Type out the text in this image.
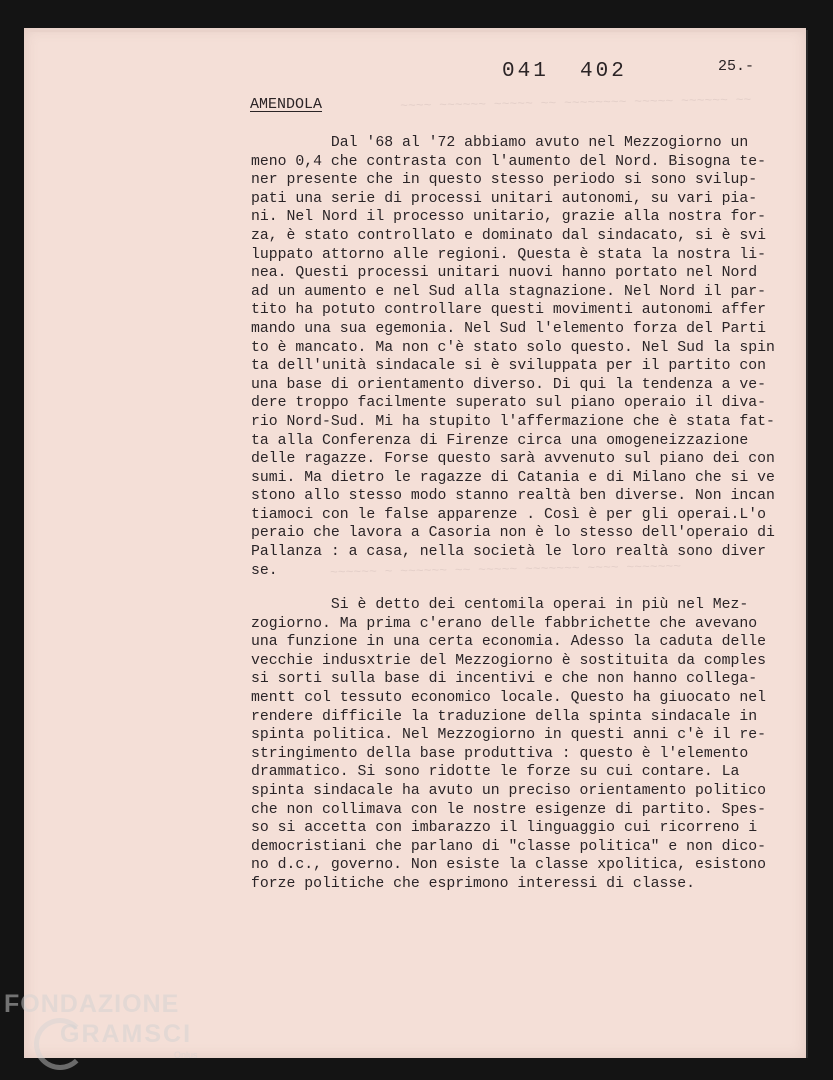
~~~~ ~~~~~~ ~~~~~ ~~ ~~~~~~~~ ~~~~~ ~~~~~~ ~~
~~~~~~ ~ ~~~~~~ ~~ ~~~~~ ~~~~~~~ ~~~~ ~~~~~~~
041  402	25.-
AMENDOLA
Dal '68 al '72 abbiamo avuto nel Mezzogiorno un
meno 0,4 che contrasta con l'aumento del Nord. Bisogna te-
ner presente che in questo stesso periodo si sono svilup-
pati una serie di processi unitari autonomi, su vari pia-
ni. Nel Nord il processo unitario, grazie alla nostra for-
za, è stato controllato e dominato dal sindacato, si è svi
luppato attorno alle regioni. Questa è stata la nostra li-
nea. Questi processi unitari nuovi hanno portato nel Nord
ad un aumento e nel Sud alla stagnazione. Nel Nord il par-
tito ha potuto controllare questi movimenti autonomi affer
mando una sua egemonia. Nel Sud l'elemento forza del Parti
to è mancato. Ma non c'è stato solo questo. Nel Sud la spin
ta dell'unità sindacale si è sviluppata per il partito con
una base di orientamento diverso. Di qui la tendenza a ve-
dere troppo facilmente superato sul piano operaio il diva-
rio Nord-Sud. Mi ha stupito l'affermazione che è stata fat-
ta alla Conferenza di Firenze circa una omogeneizzazione
delle ragazze. Forse questo sarà avvenuto sul piano dei con
sumi. Ma dietro le ragazze di Catania e di Milano che si ve
stono allo stesso modo stanno realtà ben diverse. Non incan
tiamoci con le false apparenze . Così è per gli operai.L'o
peraio che lavora a Casoria non è lo stesso dell'operaio di
Pallanza : a casa, nella società le loro realtà sono diver
se.
Si è detto dei centomila operai in più nel Mez-
zogiorno. Ma prima c'erano delle fabbrichette che avevano
una funzione in una certa economia. Adesso la caduta delle
vecchie indusxtrie del Mezzogiorno è sostituita da comples
si sorti sulla base di incentivi e che non hanno collega-
mentt col tessuto economico locale. Questo ha giuocato nel
rendere difficile la traduzione della spinta sindacale in
spinta politica. Nel Mezzogiorno in questi anni c'è il re-
stringimento della base produttiva : questo è l'elemento
drammatico. Si sono ridotte le forze su cui contare. La
spinta sindacale ha avuto un preciso orientamento politico
che non collimava con le nostre esigenze di partito. Spes-
so si accetta con imbarazzo il linguaggio cui ricorreno i
democristiani che parlano di "classe politica" e non dico-
no d.c., governo. Non esiste la classe xpolitica, esistono
forze politiche che esprimono interessi di classe.
FONDAZIONE
GRAMSCI
Onlus
